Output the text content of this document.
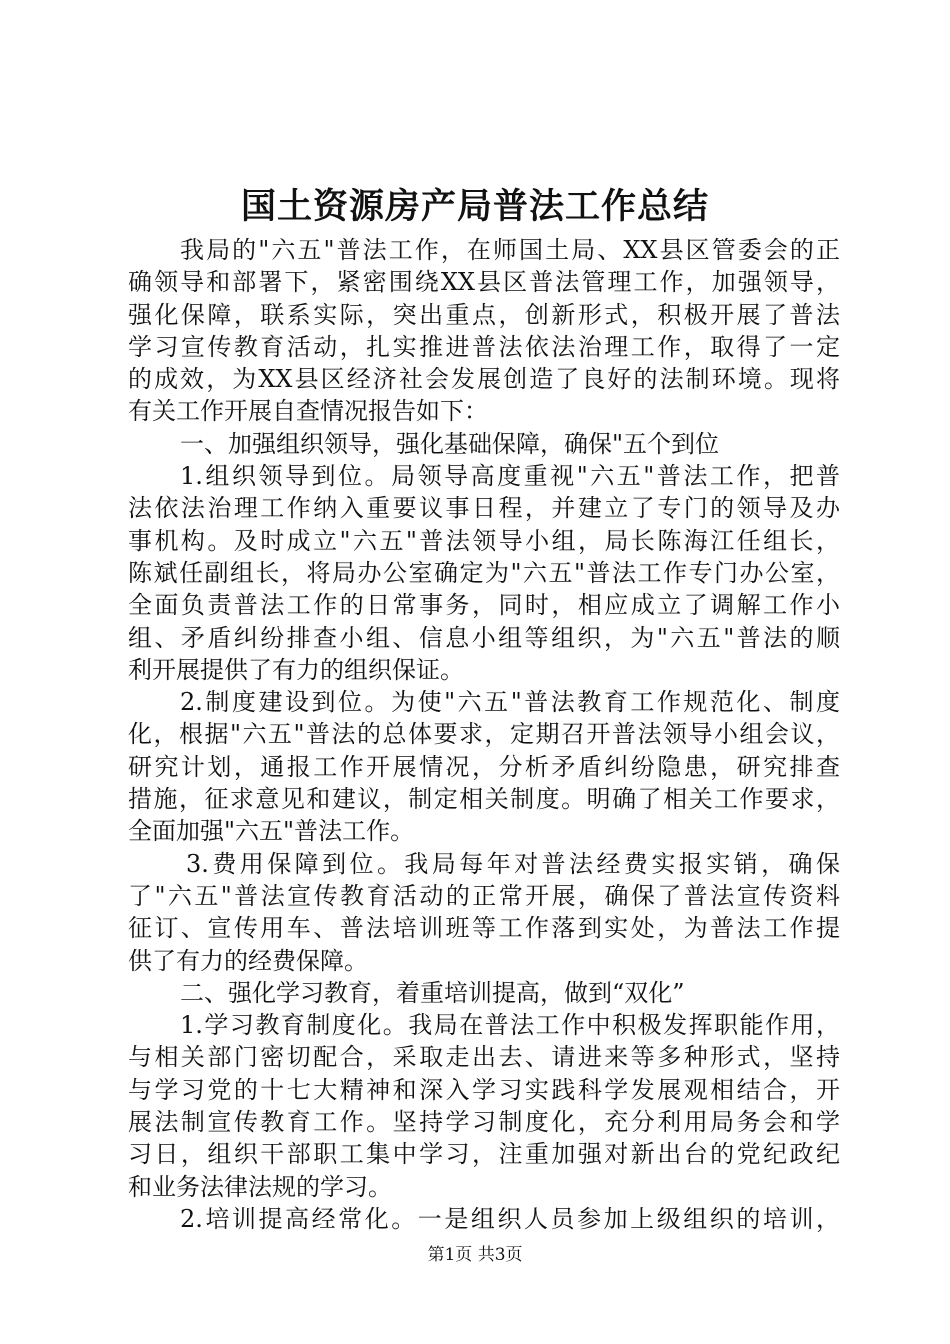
国土资源房产局普法工作总结
我局的"六五"普法工作，在师国土局、XX县区管委会的正
确领导和部署下，紧密围绕XX县区普法管理工作，加强领导，
强化保障，联系实际，突出重点，创新形式，积极开展了普法
学习宣传教育活动，扎实推进普法依法治理工作，取得了一定
的成效，为XX县区经济社会发展创造了良好的法制环境。现将
有关工作开展自查情况报告如下：
一、加强组织领导，强化基础保障，确保"五个到位
1.组织领导到位。局领导高度重视"六五"普法工作，把普
法依法治理工作纳入重要议事日程，并建立了专门的领导及办
事机构。及时成立"六五"普法领导小组，局长陈海江任组长，
陈斌任副组长，将局办公室确定为"六五"普法工作专门办公室，
全面负责普法工作的日常事务，同时，相应成立了调解工作小
组、矛盾纠纷排查小组、信息小组等组织，为"六五"普法的顺
利开展提供了有力的组织保证。
2.制度建设到位。为使"六五"普法教育工作规范化、制度
化，根据"六五"普法的总体要求，定期召开普法领导小组会议，
研究计划，通报工作开展情况，分析矛盾纠纷隐患，研究排查
措施，征求意见和建议，制定相关制度。明确了相关工作要求，
全面加强"六五"普法工作。
3.费用保障到位。我局每年对普法经费实报实销，确保
了"六五"普法宣传教育活动的正常开展，确保了普法宣传资料
征订、宣传用车、普法培训班等工作落到实处，为普法工作提
供了有力的经费保障。
二、强化学习教育，着重培训提高，做到“双化”
1.学习教育制度化。我局在普法工作中积极发挥职能作用，
与相关部门密切配合，采取走出去、请进来等多种形式，坚持
与学习党的十七大精神和深入学习实践科学发展观相结合，开
展法制宣传教育工作。坚持学习制度化，充分利用局务会和学
习日，组织干部职工集中学习，注重加强对新出台的党纪政纪
和业务法律法规的学习。
2.培训提高经常化。一是组织人员参加上级组织的培训，
第1页 共3页
